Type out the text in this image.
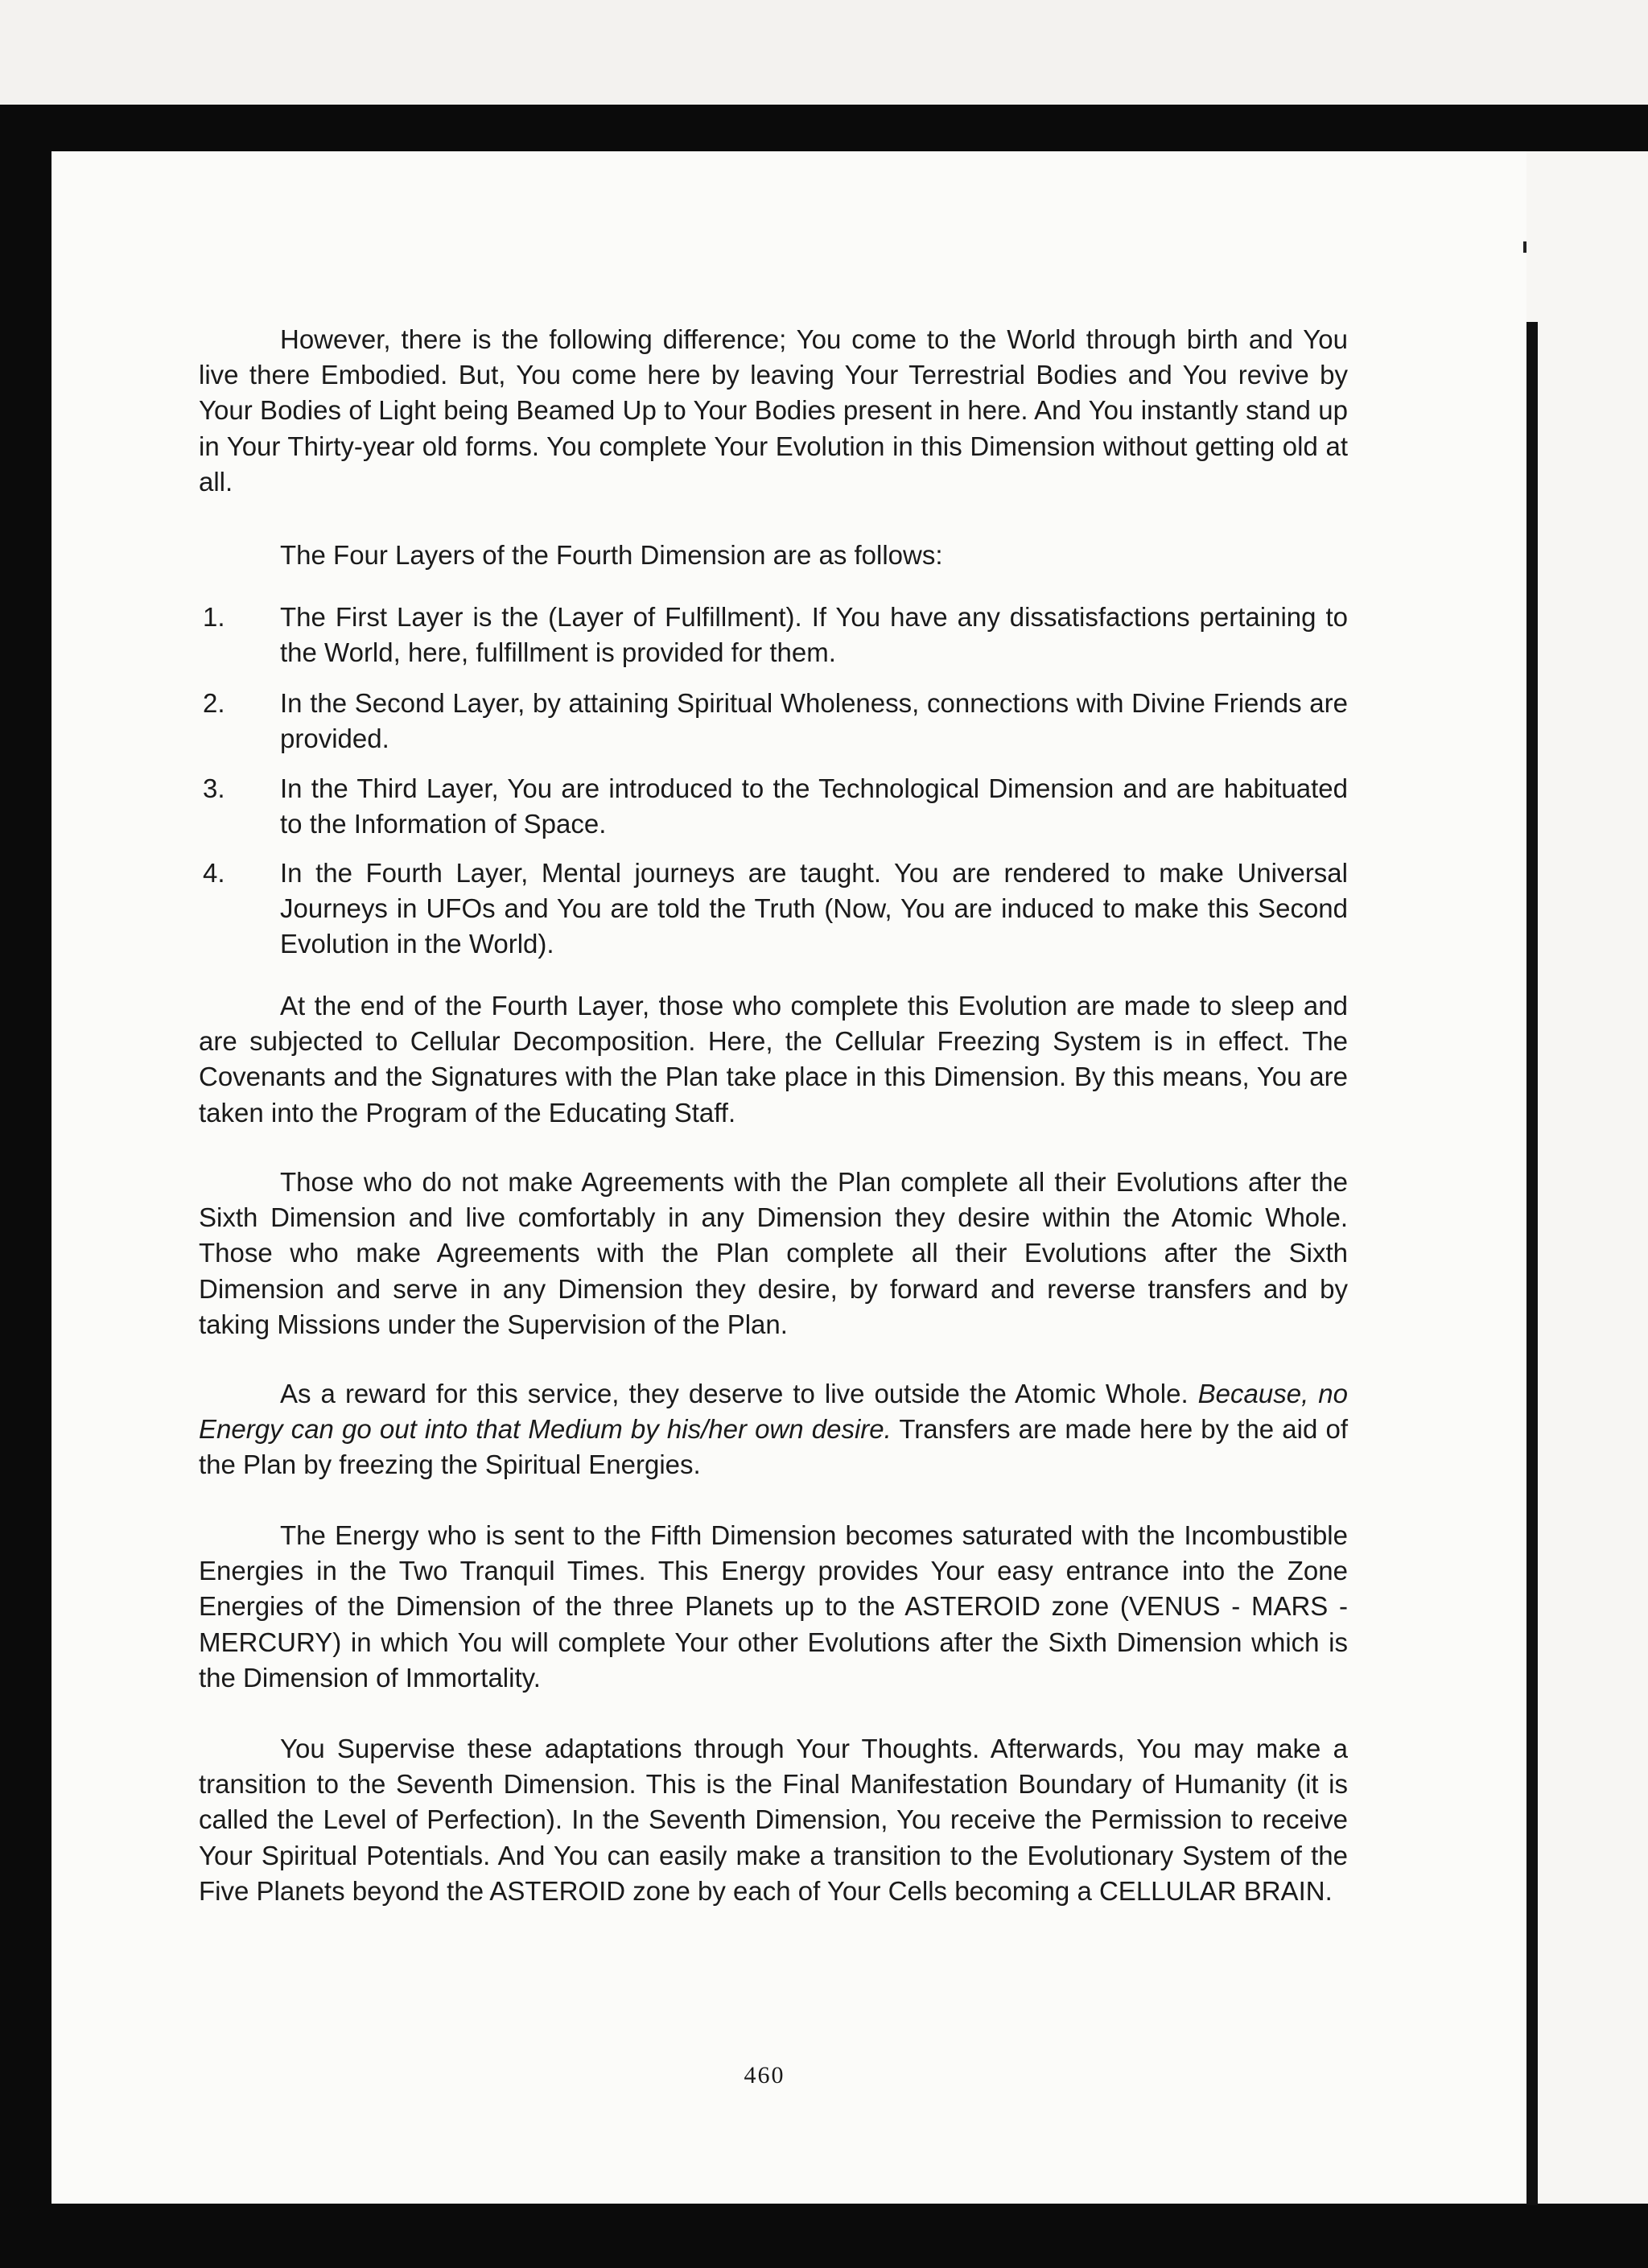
However, there is the following difference; You come to the World through birth and You live there Embodied. But, You come here by leaving Your Terrestrial Bodies and You revive by Your Bodies of Light being Beamed Up to Your Bodies present in here. And You instantly stand up in Your Thirty-year old forms. You complete Your Evolution in this Dimension without getting old at all.

The Four Layers of the Fourth Dimension are as follows:

1. The First Layer is the (Layer of Fulfillment). If You have any dissatisfactions pertaining to the World, here, fulfillment is provided for them.

2. In the Second Layer, by attaining Spiritual Wholeness, connections with Divine Friends are provided.

3. In the Third Layer, You are introduced to the Technological Dimension and are habituated to the Information of Space.

4. In the Fourth Layer, Mental journeys are taught. You are rendered to make Universal Journeys in UFOs and You are told the Truth (Now, You are induced to make this Second Evolution in the World).

At the end of the Fourth Layer, those who complete this Evolution are made to sleep and are subjected to Cellular Decomposition. Here, the Cellular Freezing System is in effect. The Covenants and the Signatures with the Plan take place in this Dimension. By this means, You are taken into the Program of the Educating Staff.

Those who do not make Agreements with the Plan complete all their Evolutions after the Sixth Dimension and live comfortably in any Dimension they desire within the Atomic Whole. Those who make Agreements with the Plan complete all their Evolutions after the Sixth Dimension and serve in any Dimension they desire, by forward and reverse transfers and by taking Missions under the Supervision of the Plan.

As a reward for this service, they deserve to live outside the Atomic Whole. Because, no Energy can go out into that Medium by his/her own desire. Transfers are made here by the aid of the Plan by freezing the Spiritual Energies.

The Energy who is sent to the Fifth Dimension becomes saturated with the Incombustible Energies in the Two Tranquil Times. This Energy provides Your easy entrance into the Zone Energies of the Dimension of the three Planets up to the ASTEROID zone (VENUS - MARS - MERCURY) in which You will complete Your other Evolutions after the Sixth Dimension which is the Dimension of Immortality.

You Supervise these adaptations through Your Thoughts. Afterwards, You may make a transition to the Seventh Dimension. This is the Final Manifestation Boundary of Humanity (it is called the Level of Perfection). In the Seventh Dimension, You receive the Permission to receive Your Spiritual Potentials. And You can easily make a transition to the Evolutionary System of the Five Planets beyond the ASTEROID zone by each of Your Cells becoming a CELLULAR BRAIN.

460
